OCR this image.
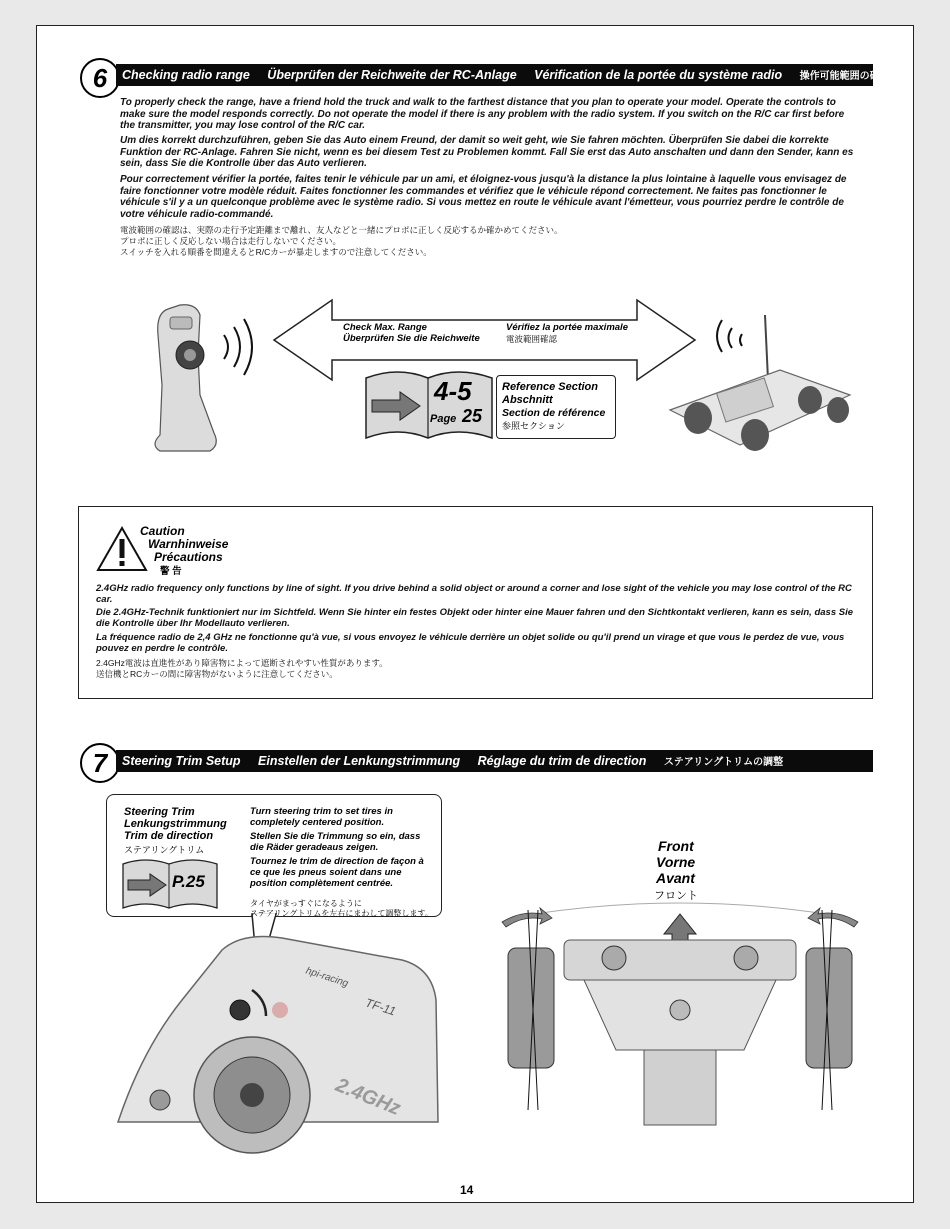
6	Checking radio range Überprüfen der Reichweite der RC-Anlage Vérification de la portée du système radio 操作可能範囲の確認
To properly check the range, have a friend hold the truck and walk to the farthest distance that you plan to operate your model. Operate the controls to make sure the model responds correctly. Do not operate the model if there is any problem with the radio system. If you switch on the R/C car first before the transmitter, you may lose control of the R/C car.
Um dies korrekt durchzuführen, geben Sie das Auto einem Freund, der damit so weit geht, wie Sie fahren möchten. Überprüfen Sie dabei die korrekte Funktion der RC-Anlage. Fahren Sie nicht, wenn es bei diesem Test zu Problemen kommt. Fall Sie erst das Auto anschalten und dann den Sender, kann es sein, dass Sie die Kontrolle über das Auto verlieren.
Pour correctement vérifier la portée, faites tenir le véhicule par un ami, et éloignez-vous jusqu'à la distance la plus lointaine à laquelle vous envisagez de faire fonctionner votre modèle réduit. Faites fonctionner les commandes et vérifiez que le véhicule répond correctement. Ne faites pas fonctionner le véhicule s'il y a un quelconque problème avec le système radio. Si vous mettez en route le véhicule avant l'émetteur, vous pourriez perdre le contrôle de votre véhicule radio-commandé.
電波範囲の確認は、実際の走行予定距離まで離れ、友人などと一緒にプロポに正しく反応するか確かめてください。
プロポに正しく反応しない場合は走行しないでください。
スイッチを入れる順番を間違えるとR/Cカーが暴走しますので注意してください。
Check Max. Range
Überprüfen Sie die Reichweite
Vérifiez la portée maximale
電波範囲確認
4-5
Page 25
Reference Section
Abschnitt
Section de référence
参照セクション
Caution
Warnhinweise
Précautions
警 告
2.4GHz radio frequency only functions by line of sight. If you drive behind a solid object or around a corner and lose sight of the vehicle you may lose control of the RC car.
Die 2.4GHz-Technik funktioniert nur im Sichtfeld. Wenn Sie hinter ein festes Objekt oder hinter eine Mauer fahren und den Sichtkontakt verlieren, kann es sein, dass Sie die Kontrolle über Ihr Modellauto verlieren.
La fréquence radio de 2,4 GHz ne fonctionne qu'à vue, si vous envoyez le véhicule derrière un objet solide ou qu'il prend un virage et que vous le perdez de vue, vous pouvez en perdre le contrôle.
2.4GHz電波は直進性があり障害物によって遮断されやすい性質があります。
送信機とRCカーの間に障害物がないように注意してください。
7	Steering Trim Setup Einstellen der Lenkungstrimmung Réglage du trim de direction ステアリングトリムの調整
Steering Trim
Lenkungstrimmung
Trim de direction
ステアリングトリム
P.25
Turn steering trim to set tires in completely centered position.
Stellen Sie die Trimmung so ein, dass die Räder geradeaus zeigen.
Tournez le trim de direction de façon à ce que les pneus soient dans une position complètement centrée.
タイヤがまっすぐになるように
ステアリングトリムを左右にまわして調整します。
hpi-racing
TF-11
2.4GHz
Front
Vorne
Avant
フロント
14
